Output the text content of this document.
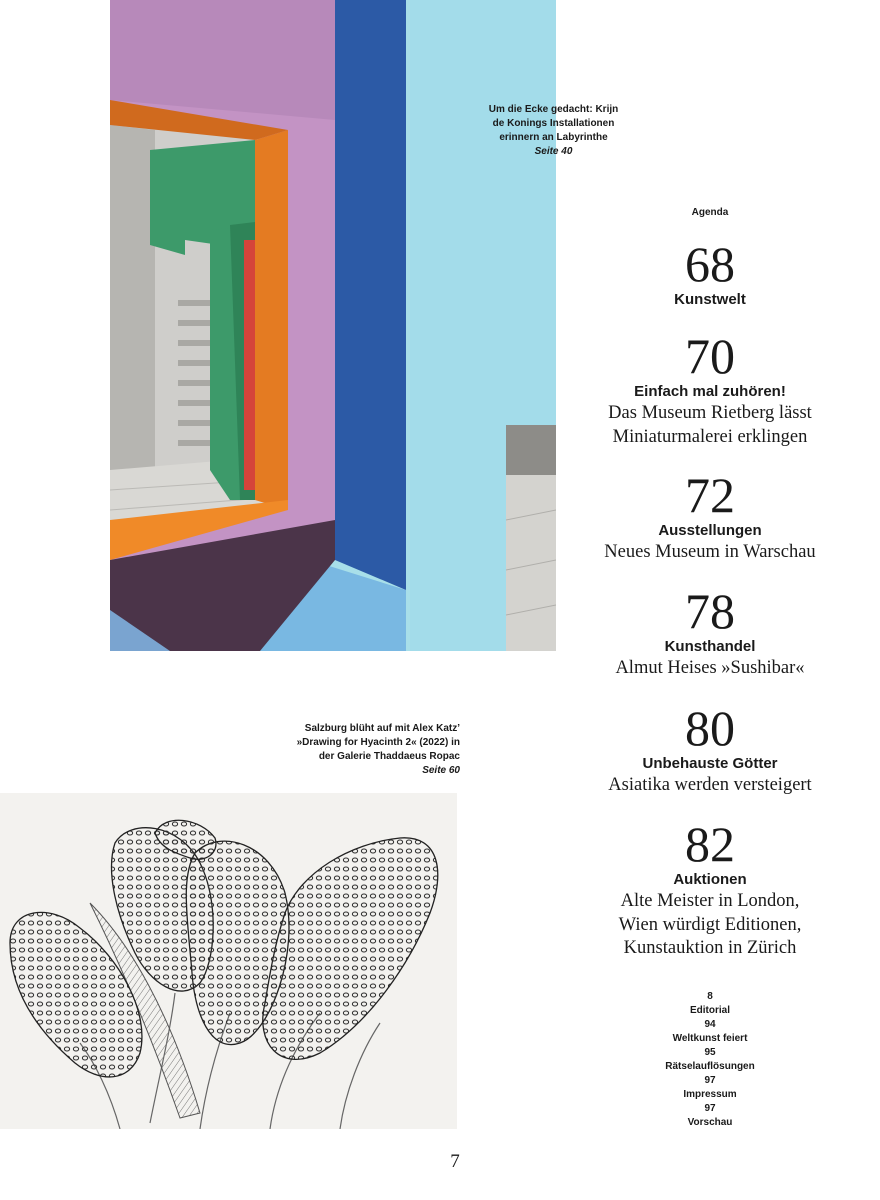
Um die Ecke gedacht: Krijn
de Konings Installationen
erinnern an Labyrinthe
Seite 40
Salzburg blüht auf mit Alex Katz’
»Drawing for Hyacinth 2« (2022) in
der Galerie Thaddaeus Ropac
Seite 60
Agenda
68
Kunstwelt
70
Einfach mal zuhören!
Das Museum Rietberg lässt
Miniaturmalerei erklingen
72
Ausstellungen
Neues Museum in Warschau
78
Kunsthandel
Almut Heises »Sushibar«
80
Unbehauste Götter
Asiatika werden versteigert
82
Auktionen
Alte Meister in London,
Wien würdigt Editionen,
Kunstauktion in Zürich
8
Editorial
94
Weltkunst feiert
95
Rätselauflösungen
97
Impressum
97
Vorschau
7
